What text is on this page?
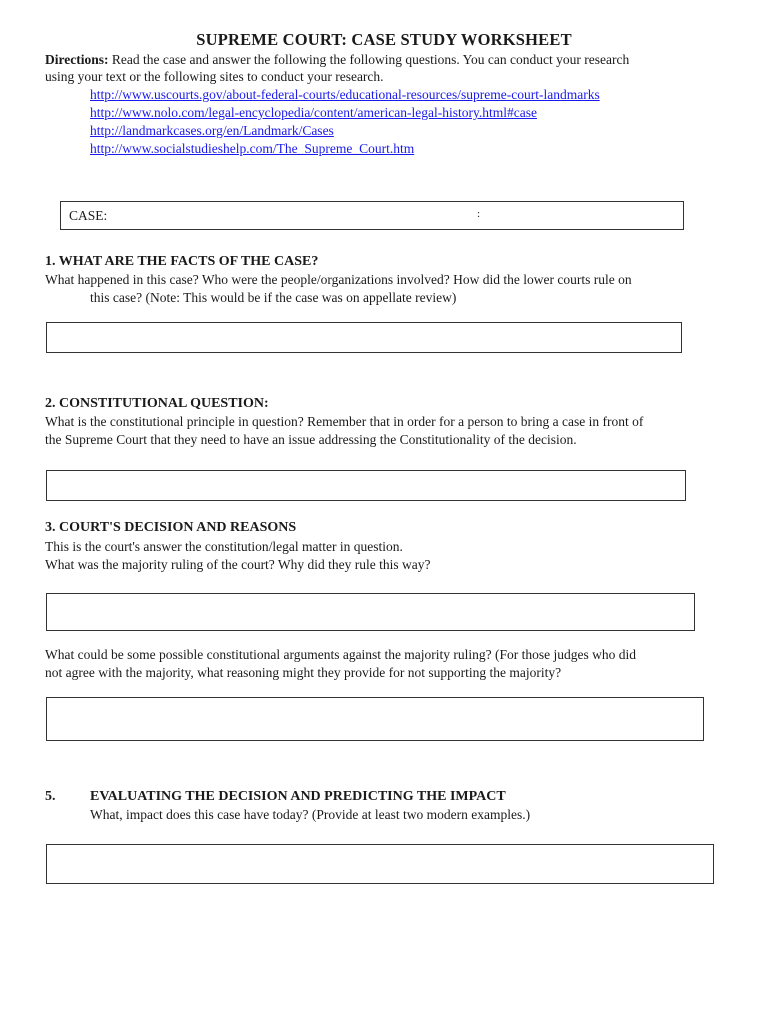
SUPREME COURT: CASE STUDY WORKSHEET
Directions: Read the case and answer the following the following questions. You can conduct your research
using your text or the following sites to conduct your research.
http://www.uscourts.gov/about-federal-courts/educational-resources/supreme-court-landmarks
http://www.nolo.com/legal-encyclopedia/content/american-legal-history.html#case
http://landmarkcases.org/en/Landmark/Cases
http://www.socialstudieshelp.com/The_Supreme_Court.htm
CASE:	:
1. WHAT ARE THE FACTS OF THE CASE?
What happened in this case? Who were the people/organizations involved? How did the lower courts rule on
this case? (Note: This would be if the case was on appellate review)
2. CONSTITUTIONAL QUESTION:
What is the constitutional principle in question? Remember that in order for a person to bring a case in front of
the Supreme Court that they need to have an issue addressing the Constitutionality of the decision.
3. COURT'S DECISION AND REASONS
This is the court's answer the constitution/legal matter in question.
What was the majority ruling of the court? Why did they rule this way?
What could be some possible constitutional arguments against the majority ruling? (For those judges who did
not agree with the majority, what reasoning might they provide for not supporting the majority?
5. EVALUATING THE DECISION AND PREDICTING THE IMPACT
What, impact does this case have today? (Provide at least two modern examples.)
